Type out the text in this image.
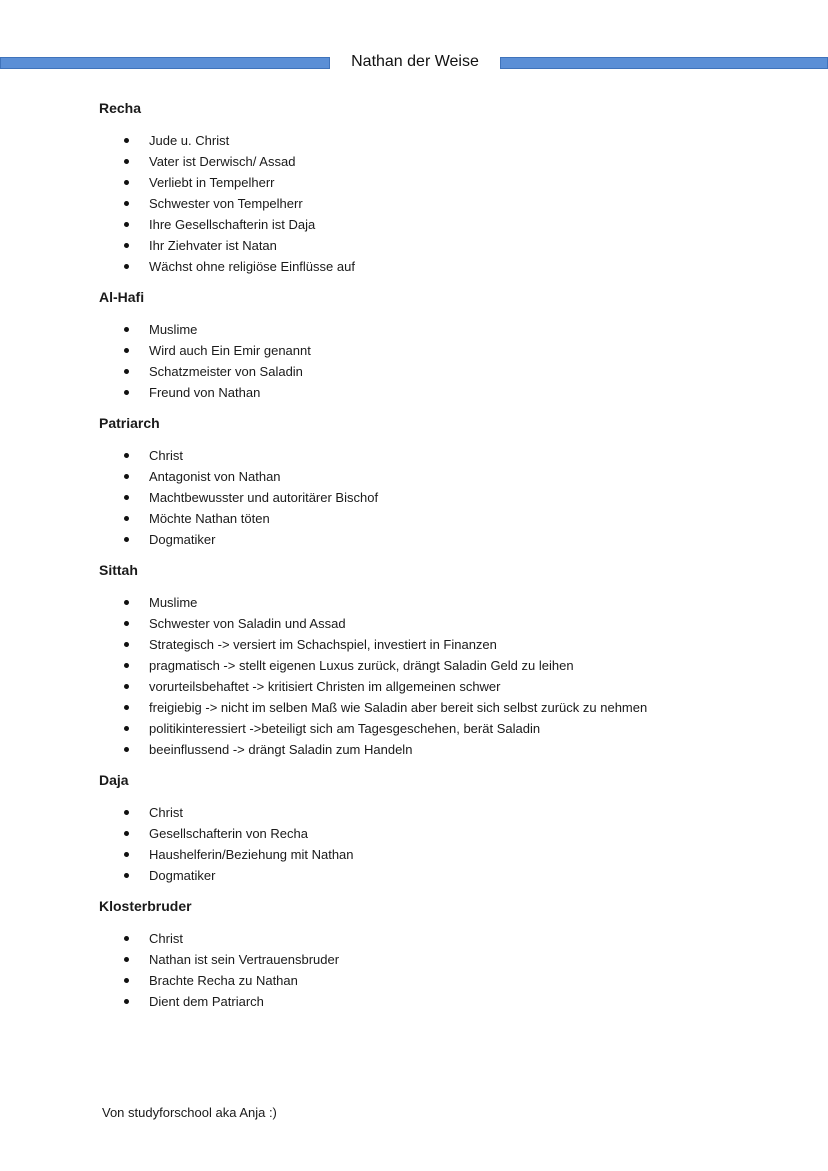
Nathan der Weise
Recha
Jude u. Christ
Vater ist Derwisch/ Assad
Verliebt in Tempelherr
Schwester von Tempelherr
Ihre Gesellschafterin ist Daja
Ihr Ziehvater ist Natan
Wächst ohne religiöse Einflüsse auf
Al-Hafi
Muslime
Wird auch Ein Emir genannt
Schatzmeister von Saladin
Freund von Nathan
Patriarch
Christ
Antagonist von Nathan
Machtbewusster und autoritärer Bischof
Möchte Nathan töten
Dogmatiker
Sittah
Muslime
Schwester von Saladin und Assad
Strategisch -> versiert im Schachspiel, investiert in Finanzen
pragmatisch -> stellt eigenen Luxus zurück, drängt Saladin Geld zu leihen
vorurteilsbehaftet -> kritisiert Christen im allgemeinen schwer
freigiebig -> nicht im selben Maß wie Saladin aber bereit sich selbst zurück zu nehmen
politikinteressiert ->beteiligt sich am Tagesgeschehen, berät Saladin
beeinflussend -> drängt Saladin zum Handeln
Daja
Christ
Gesellschafterin von Recha
Haushelferin/Beziehung mit Nathan
Dogmatiker
Klosterbruder
Christ
Nathan ist sein Vertrauensbruder
Brachte Recha zu Nathan
Dient dem Patriarch
Von studyforschool aka Anja :)
